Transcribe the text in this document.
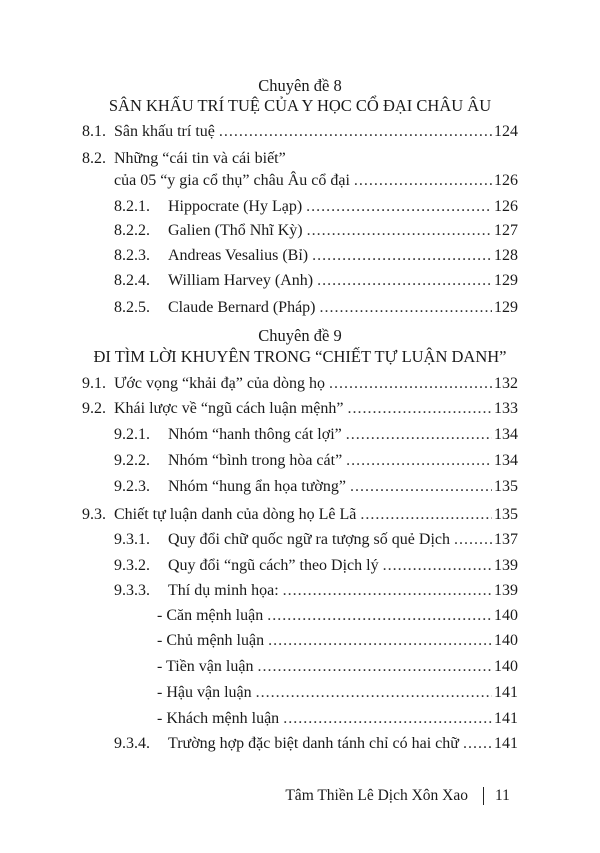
Chuyên đề 8
SÂN KHẤU TRÍ TUỆ CỦA Y HỌC CỔ ĐẠI CHÂU ÂU
8.1. Sân khấu trí tuệ .....	124
8.2. Những “cái tin và cái biết”
của 05 “y gia cổ thụ” châu Âu cổ đại .....	126
8.2.1.	Hippocrate (Hy Lạp) .....	126
8.2.2.	Galien (Thổ Nhĩ Kỳ) .....	127
8.2.3.	Andreas Vesalius (Bỉ) .....	128
8.2.4.	William Harvey (Anh) .....	129
8.2.5.	Claude Bernard (Pháp) .....	129
Chuyên đề 9
ĐI TÌM LỜI KHUYÊN TRONG “CHIẾT TỰ LUẬN DANH”
9.1. Ước vọng “khải đạ” của dòng họ .....	132
9.2. Khái lược về “ngũ cách luận mệnh” .....	133
9.2.1.	Nhóm “hanh thông cát lợi” .....	134
9.2.2.	Nhóm “bình trong hòa cát” .....	134
9.2.3.	Nhóm “hung ẩn họa tường” .....	135
9.3. Chiết tự luận danh của dòng họ Lê Lã .....	135
9.3.1.	Quy đổi chữ quốc ngữ ra tượng số quẻ Dịch .....	137
9.3.2.	Quy đổi “ngũ cách” theo Dịch lý .....	139
9.3.3.	Thí dụ minh họa: .....	139
- Căn mệnh luận .....	140
- Chủ mệnh luận .....	140
- Tiền vận luận .....	140
- Hậu vận luận .....	141
- Khách mệnh luận .....	141
9.3.4.	Trường hợp đặc biệt danh tánh chỉ có hai chữ ..... 141
Tâm Thiền Lê Dịch Xôn Xao 11
